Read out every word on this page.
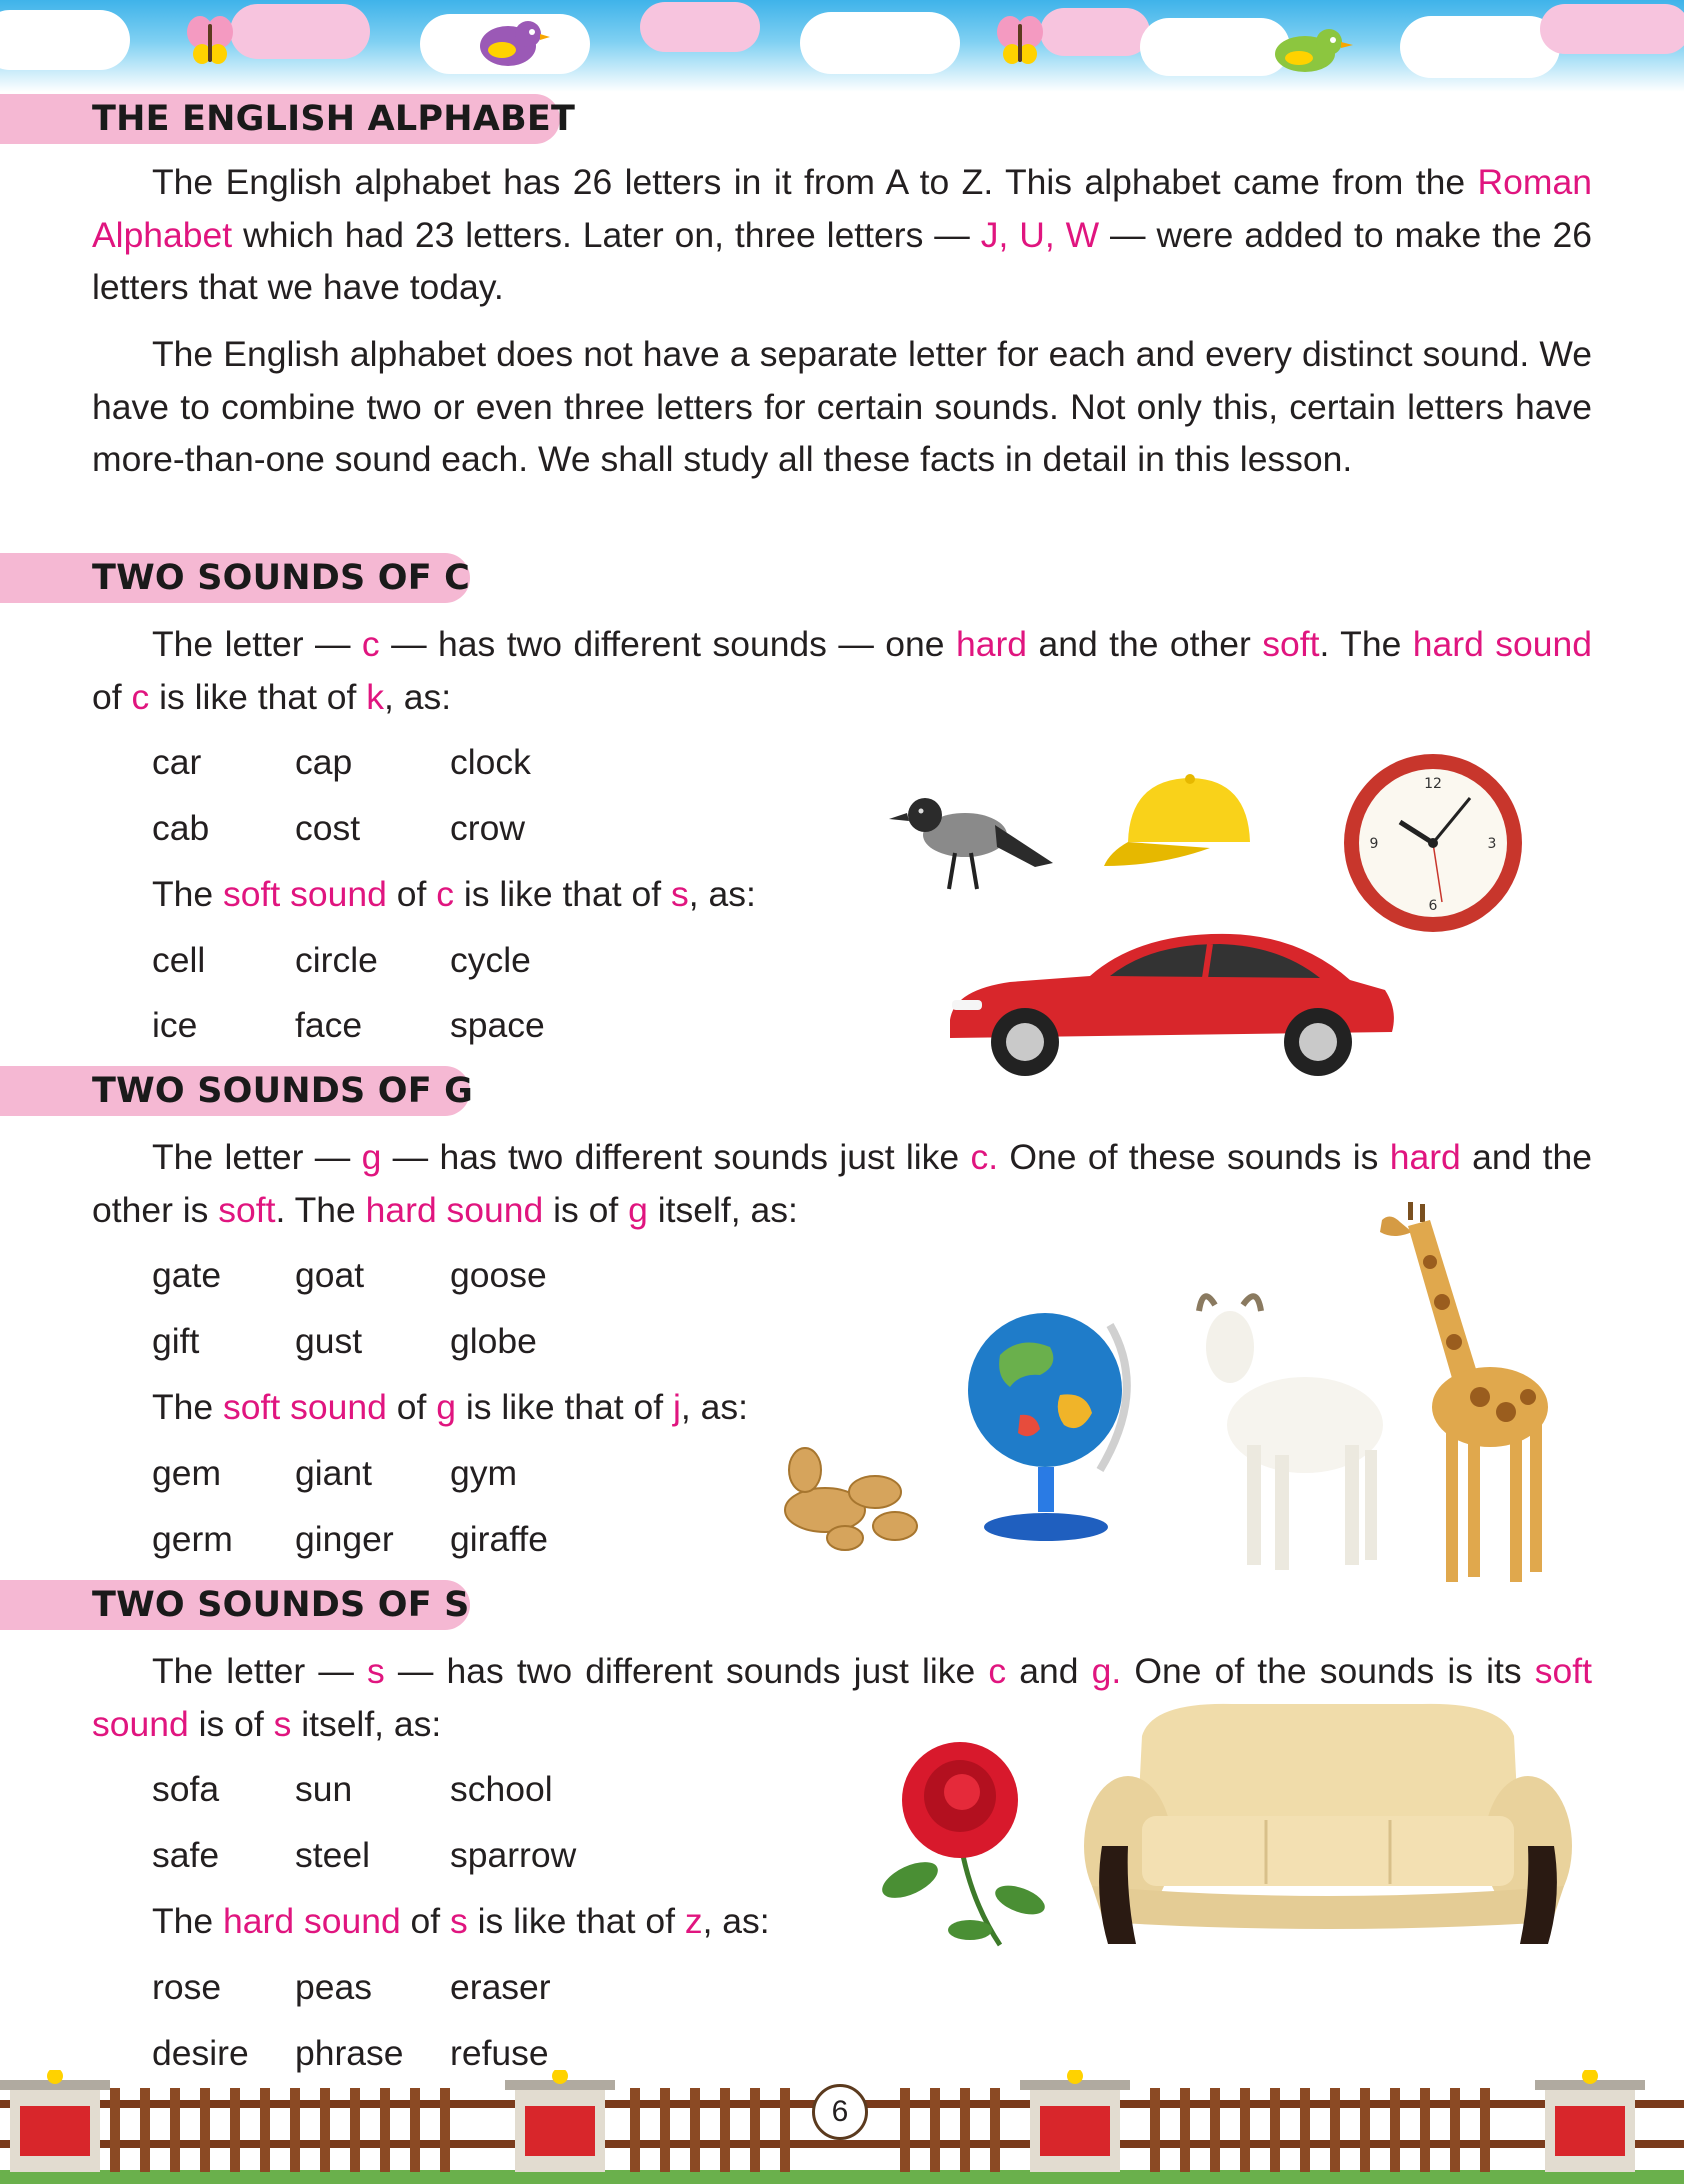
THE ENGLISH ALPHABET

The English alphabet has 26 letters in it from A to Z. This alphabet came from the Roman Alphabet which had 23 letters. Later on, three letters — J, U, W — were added to make the 26 letters that we have today.

The English alphabet does not have a separate letter for each and every distinct sound. We have to combine two or even three letters for certain sounds. Not only this, certain letters have more-than-one sound each. We shall study all these facts in detail in this lesson.

TWO SOUNDS OF C

The letter — c — has two different sounds — one hard and the other soft. The hard sound of c is like that of k, as:

car	cap	clock
cab cost	crow
The soft sound of c is like that of s, as:
cell	circle cycle
ice	face space
12
3
6
9
TWO SOUNDS OF G

The letter — g — has two different sounds just like c. One of these sounds is hard and the other is soft. The hard sound is of g itself, as:

gate goat goose
gift	gust globe
The soft sound of g is like that of j, as:
gem giant gym
germ ginger giraffe
TWO SOUNDS OF S

The letter — s — has two different sounds just like c and g. One of the sounds is its soft sound is of s itself, as:

sofa sun	school
safe steel sparrow
The hard sound of s is like that of z, as:
rose peas eraser
desire phrase refuse
6
